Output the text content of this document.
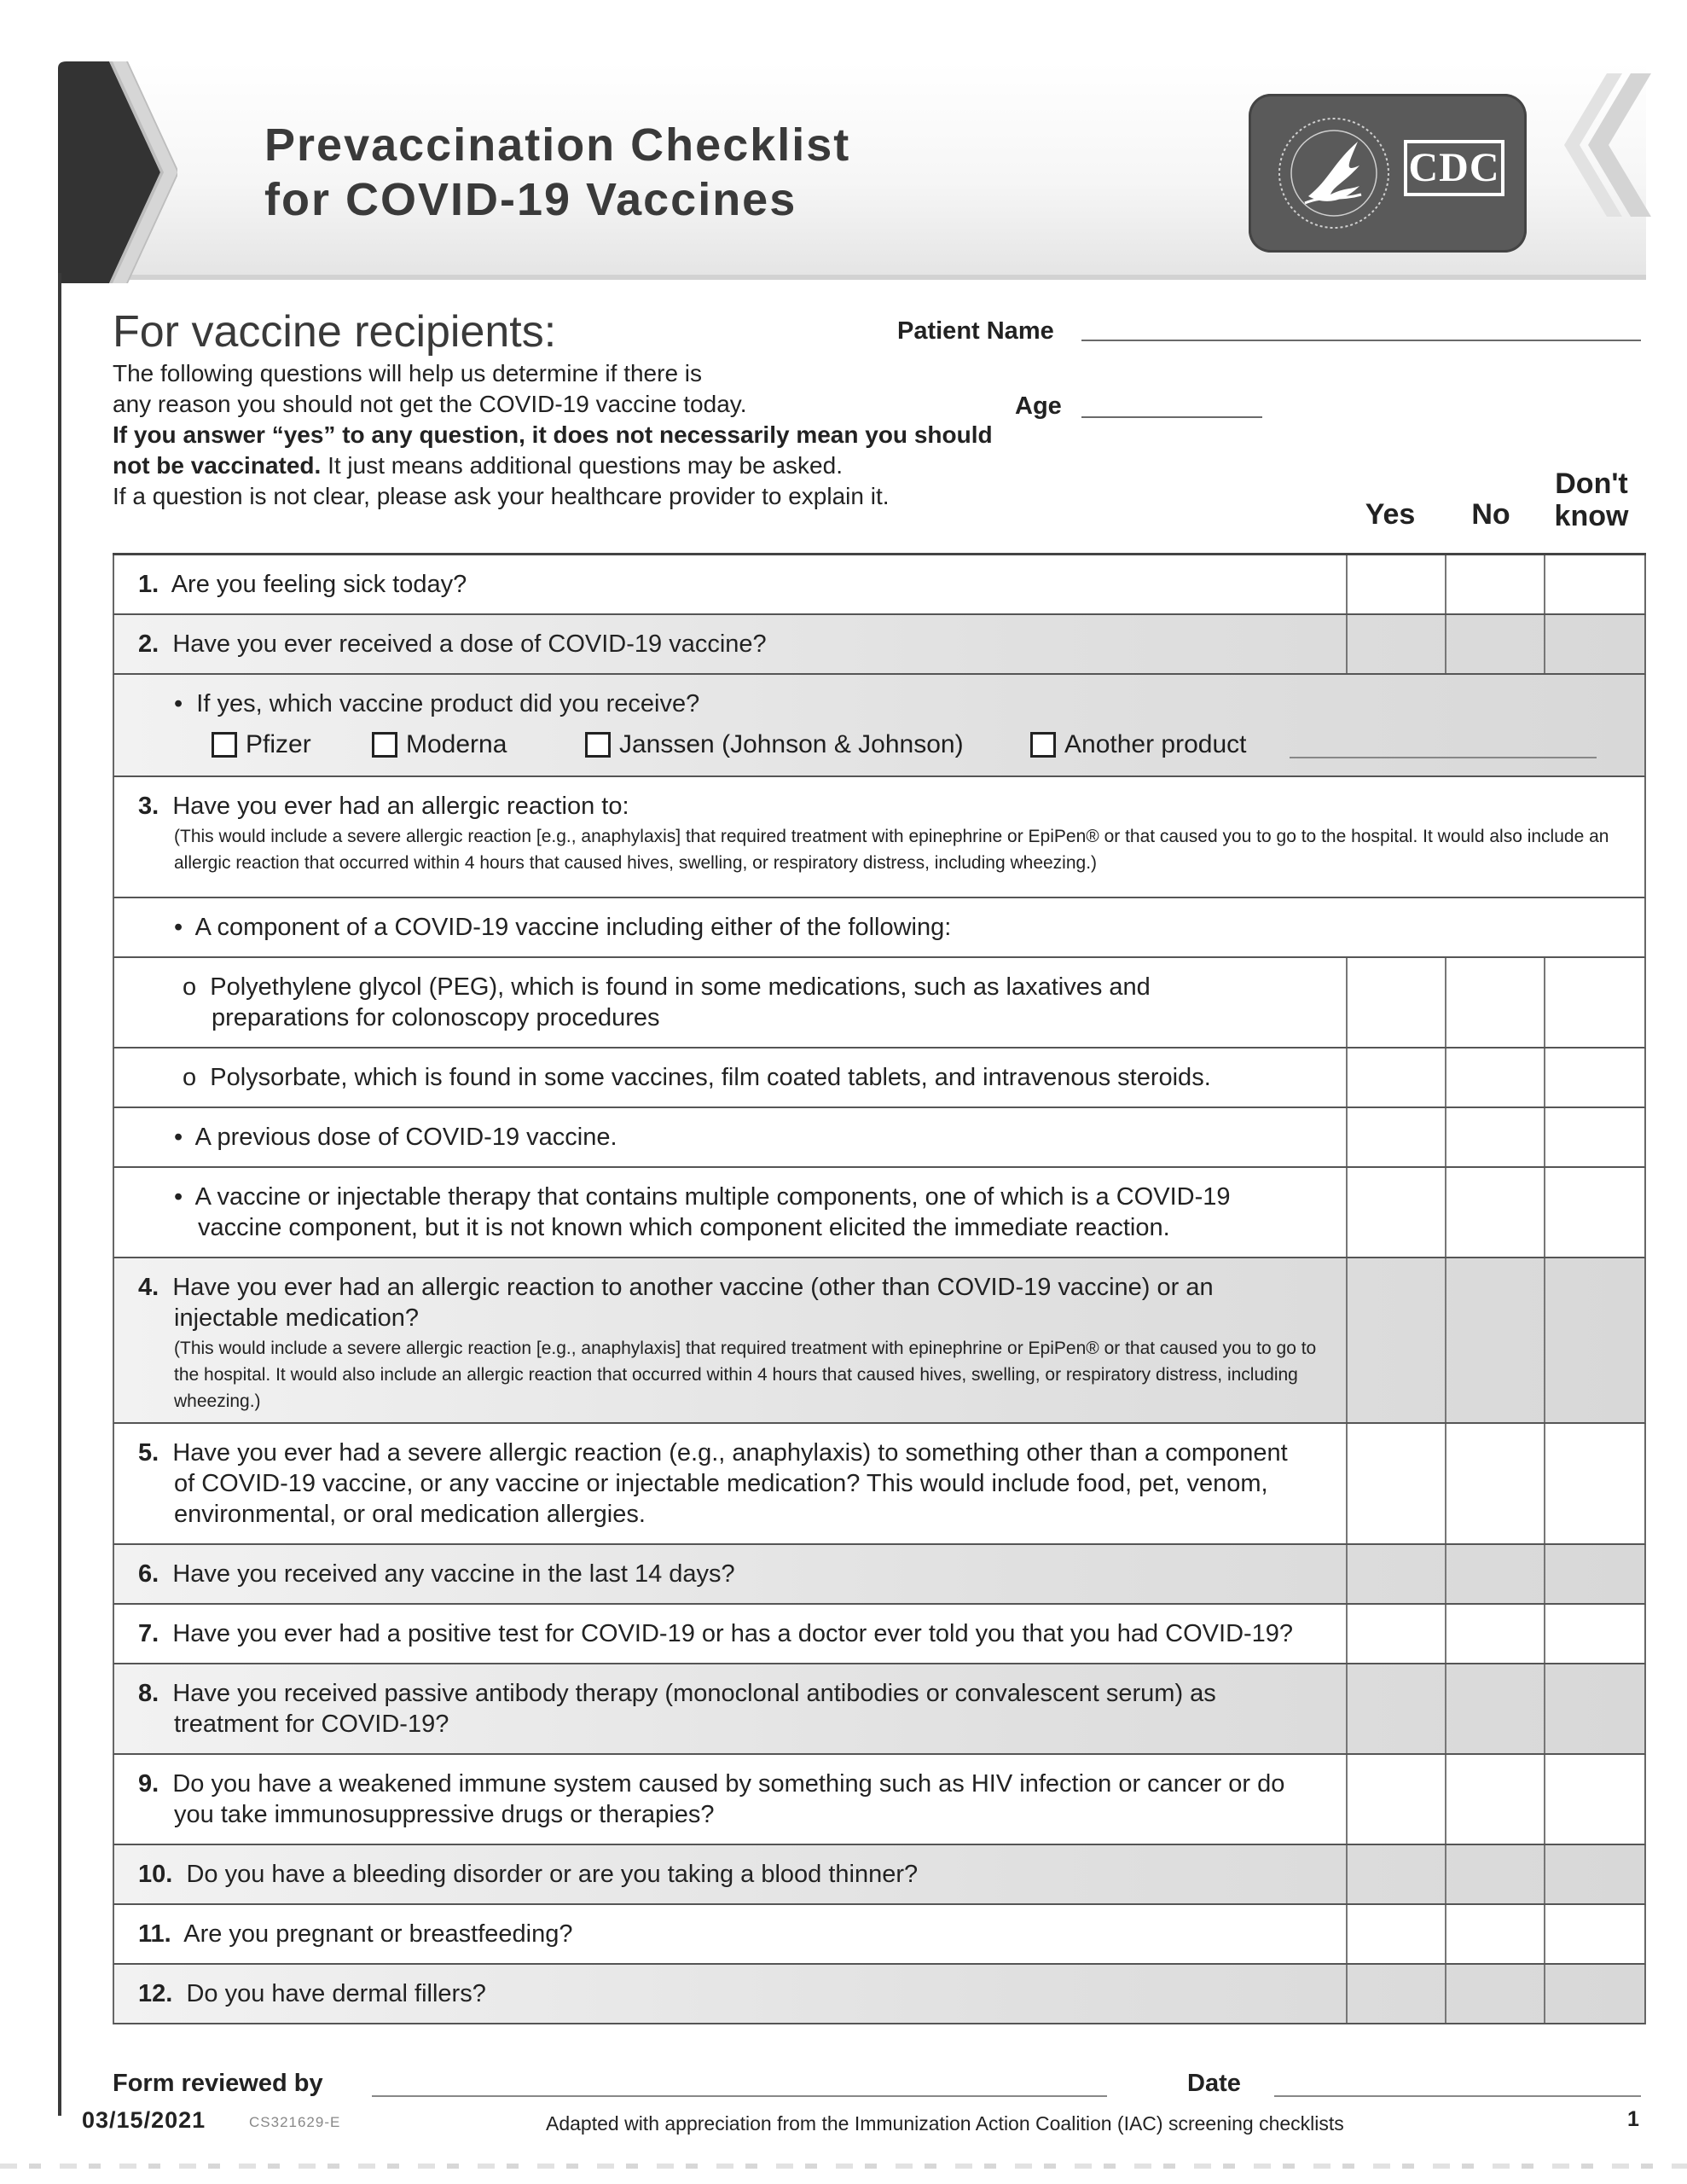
Prevaccination Checklist
for COVID-19 Vaccines
CDC
For vaccine recipients:
The following questions will help us determine if there is
any reason you should not get the COVID-19 vaccine today.
If you answer “yes” to any question, it does not necessarily mean you should not be vaccinated. It just means additional questions may be asked.
If a question is not clear, please ask your healthcare provider to explain it.
Patient Name
Age
Yes	No
Don't
know
1. Are you feeling sick today?
2. Have you ever received a dose of COVID-19 vaccine?
•  If yes, which vaccine product did you receive?
Pfizer	Moderna	Janssen (Johnson & Johnson)	Another product
3. Have you ever had an allergic reaction to:
(This would include a severe allergic reaction [e.g., anaphylaxis] that required treatment with epinephrine or EpiPen® or that caused you to go to the hospital. It would also include an allergic reaction that occurred within 4 hours that caused hives, swelling, or respiratory distress, including wheezing.)
•  A component of a COVID-19 vaccine including either of the following:
o  Polyethylene glycol (PEG), which is found in some medications, such as laxatives and
preparations for colonoscopy procedures
o  Polysorbate, which is found in some vaccines, film coated tablets, and intravenous steroids.
•  A previous dose of COVID-19 vaccine.
•  A vaccine or injectable therapy that contains multiple components, one of which is a COVID-19
vaccine component, but it is not known which component elicited the immediate reaction.
4. Have you ever had an allergic reaction to another vaccine (other than COVID-19 vaccine) or an
injectable medication?
(This would include a severe allergic reaction [e.g., anaphylaxis] that required treatment with epinephrine or EpiPen® or that caused you to go to the hospital. It would also include an allergic reaction that occurred within 4 hours that caused hives, swelling, or respiratory distress, including wheezing.)
5. Have you ever had a severe allergic reaction (e.g., anaphylaxis) to something other than a component
of COVID-19 vaccine, or any vaccine or injectable medication? This would include food, pet, venom,
environmental, or oral medication allergies.
6. Have you received any vaccine in the last 14 days?
7. Have you ever had a positive test for COVID-19 or has a doctor ever told you that you had COVID-19?
8. Have you received passive antibody therapy (monoclonal antibodies or convalescent serum) as
treatment for COVID-19?
9. Do you have a weakened immune system caused by something such as HIV infection or cancer or do
you take immunosuppressive drugs or therapies?
10. Do you have a bleeding disorder or are you taking a blood thinner?
11. Are you pregnant or breastfeeding?
12. Do you have dermal fillers?
Form reviewed by	Date
03/15/2021	CS321629-E	Adapted with appreciation from the Immunization Action Coalition (IAC) screening checklists	1
